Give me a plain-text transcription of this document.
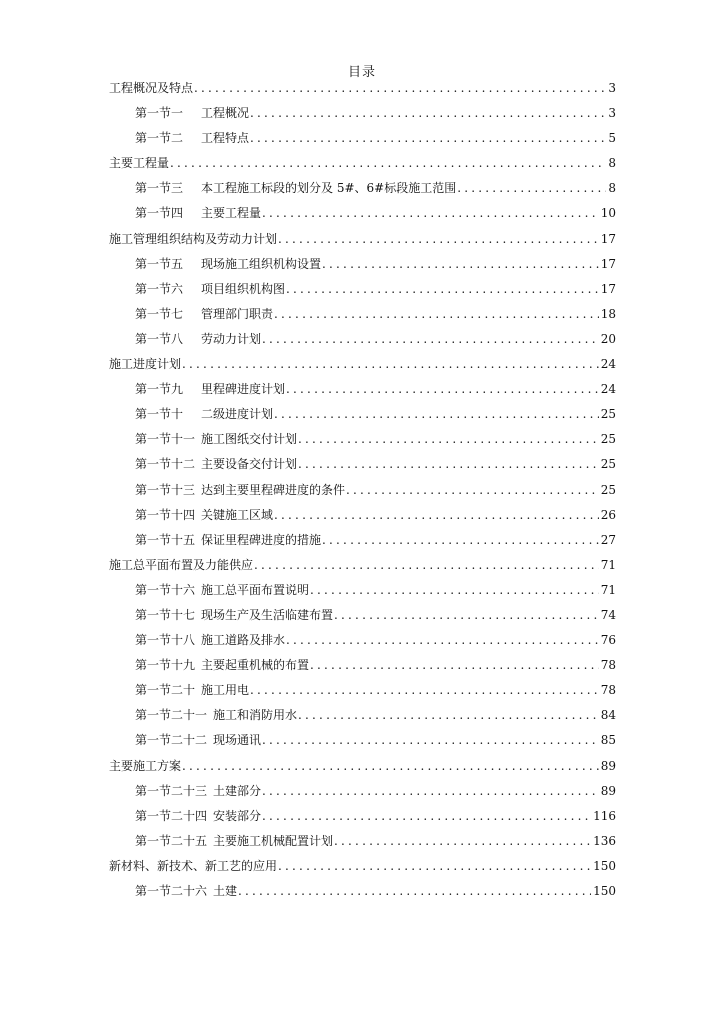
目录
工程概况及特点 .....	3
第一节一 工程概况 .....	3
第一节二 工程特点 .....	5
主要工程量 .....	8
第一节三 本工程施工标段的划分及 5#、6#标段施工范围 .....	8
第一节四 主要工程量 .....	10
施工管理组织结构及劳动力计划 .....	17
第一节五 现场施工组织机构设置 .....	17
第一节六 项目组织机构图 .....	17
第一节七 管理部门职责 .....	18
第一节八 劳动力计划 .....	20
施工进度计划 .....	24
第一节九 里程碑进度计划 .....	24
第一节十 二级进度计划 .....	25
第一节十一 施工图纸交付计划 .....	25
第一节十二 主要设备交付计划 .....	25
第一节十三 达到主要里程碑进度的条件 .....	25
第一节十四 关键施工区域 .....	26
第一节十五 保证里程碑进度的措施 .....	27
施工总平面布置及力能供应 .....	71
第一节十六 施工总平面布置说明 .....	71
第一节十七 现场生产及生活临建布置 .....	74
第一节十八 施工道路及排水 .....	76
第一节十九 主要起重机械的布置 .....	78
第一节二十 施工用电 .....	78
第一节二十一 施工和消防用水 .....	84
第一节二十二 现场通讯 .....	85
主要施工方案 .....	89
第一节二十三 土建部分 .....	89
第一节二十四 安装部分 .....	116
第一节二十五 主要施工机械配置计划 .....	136
新材料、新技术、新工艺的应用 .....	150
第一节二十六 土建 .....	150
